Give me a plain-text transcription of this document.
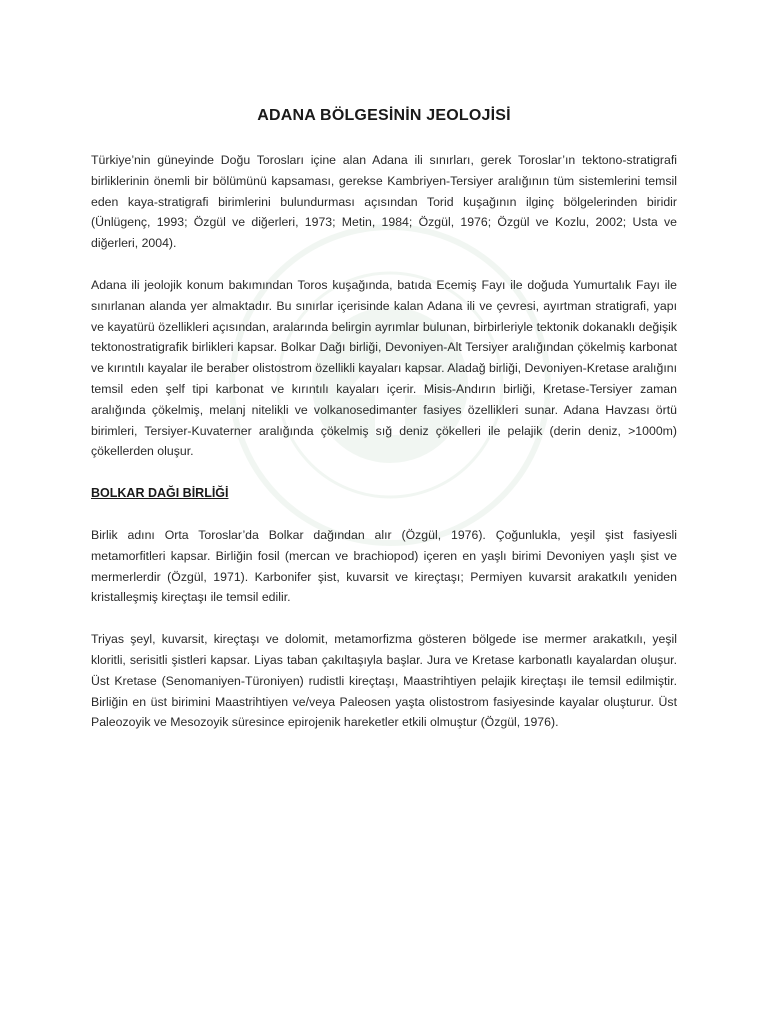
ADANA BÖLGESİNİN JEOLOJİSİ

Türkiye’nin güneyinde Doğu Torosları içine alan Adana ili sınırları, gerek Toroslar’ın tektono-stratigrafi birliklerinin önemli bir bölümünü kapsaması, gerekse Kambriyen-Tersiyer aralığının tüm sistemlerini temsil eden kaya-stratigrafi birimlerini bulundurması açısından Torid kuşağının ilginç bölgelerinden biridir (Ünlügenç, 1993; Özgül ve diğerleri, 1973; Metin, 1984; Özgül, 1976; Özgül ve Kozlu, 2002; Usta ve diğerleri, 2004).

Adana ili jeolojik konum bakımından Toros kuşağında, batıda Ecemiş Fayı ile doğuda Yumurtalık Fayı ile sınırlanan alanda yer almaktadır. Bu sınırlar içerisinde kalan Adana ili ve çevresi, ayırtman stratigrafi, yapı ve kayatürü özellikleri açısından, aralarında belirgin ayrımlar bulunan, birbirleriyle tektonik dokanaklı değişik tektonostratigrafik birlikleri kapsar. Bolkar Dağı birliği, Devoniyen-Alt Tersiyer aralığından çökelmiş karbonat ve kırıntılı kayalar ile beraber olistostrom özellikli kayaları kapsar. Aladağ birliği, Devoniyen-Kretase aralığını temsil eden şelf tipi karbonat ve kırıntılı kayaları içerir. Misis-Andırın birliği, Kretase-Tersiyer zaman aralığında çökelmiş, melanj nitelikli ve volkanosedimanter fasiyes özellikleri sunar. Adana Havzası örtü birimleri, Tersiyer-Kuvaterner aralığında çökelmiş sığ deniz çökelleri ile pelajik (derin deniz, >1000m) çökellerden oluşur.

BOLKAR DAĞI BİRLİĞİ

Birlik adını Orta Toroslar’da Bolkar dağından alır (Özgül, 1976). Çoğunlukla, yeşil şist fasiyesli metamorfitleri kapsar. Birliğin fosil (mercan ve brachiopod) içeren en yaşlı birimi Devoniyen yaşlı şist ve mermerlerdir (Özgül, 1971). Karbonifer şist, kuvarsit ve kireçtaşı; Permiyen kuvarsit arakatkılı yeniden kristalleşmiş kireçtaşı ile temsil edilir.

Triyas şeyl, kuvarsit, kireçtaşı ve dolomit, metamorfizma gösteren bölgede ise mermer arakatkılı, yeşil kloritli, serisitli şistleri kapsar. Liyas taban çakıltaşıyla başlar. Jura ve Kretase karbonatlı kayalardan oluşur. Üst Kretase (Senomaniyen-Türoniyen) rudistli kireçtaşı, Maastrihtiyen pelajik kireçtaşı ile temsil edilmiştir. Birliğin en üst birimini Maastrihtiyen ve/veya Paleosen yaşta olistostrom fasiyesinde kayalar oluşturur. Üst Paleozoyik ve Mesozoyik süresince epirojenik hareketler etkili olmuştur (Özgül, 1976).
